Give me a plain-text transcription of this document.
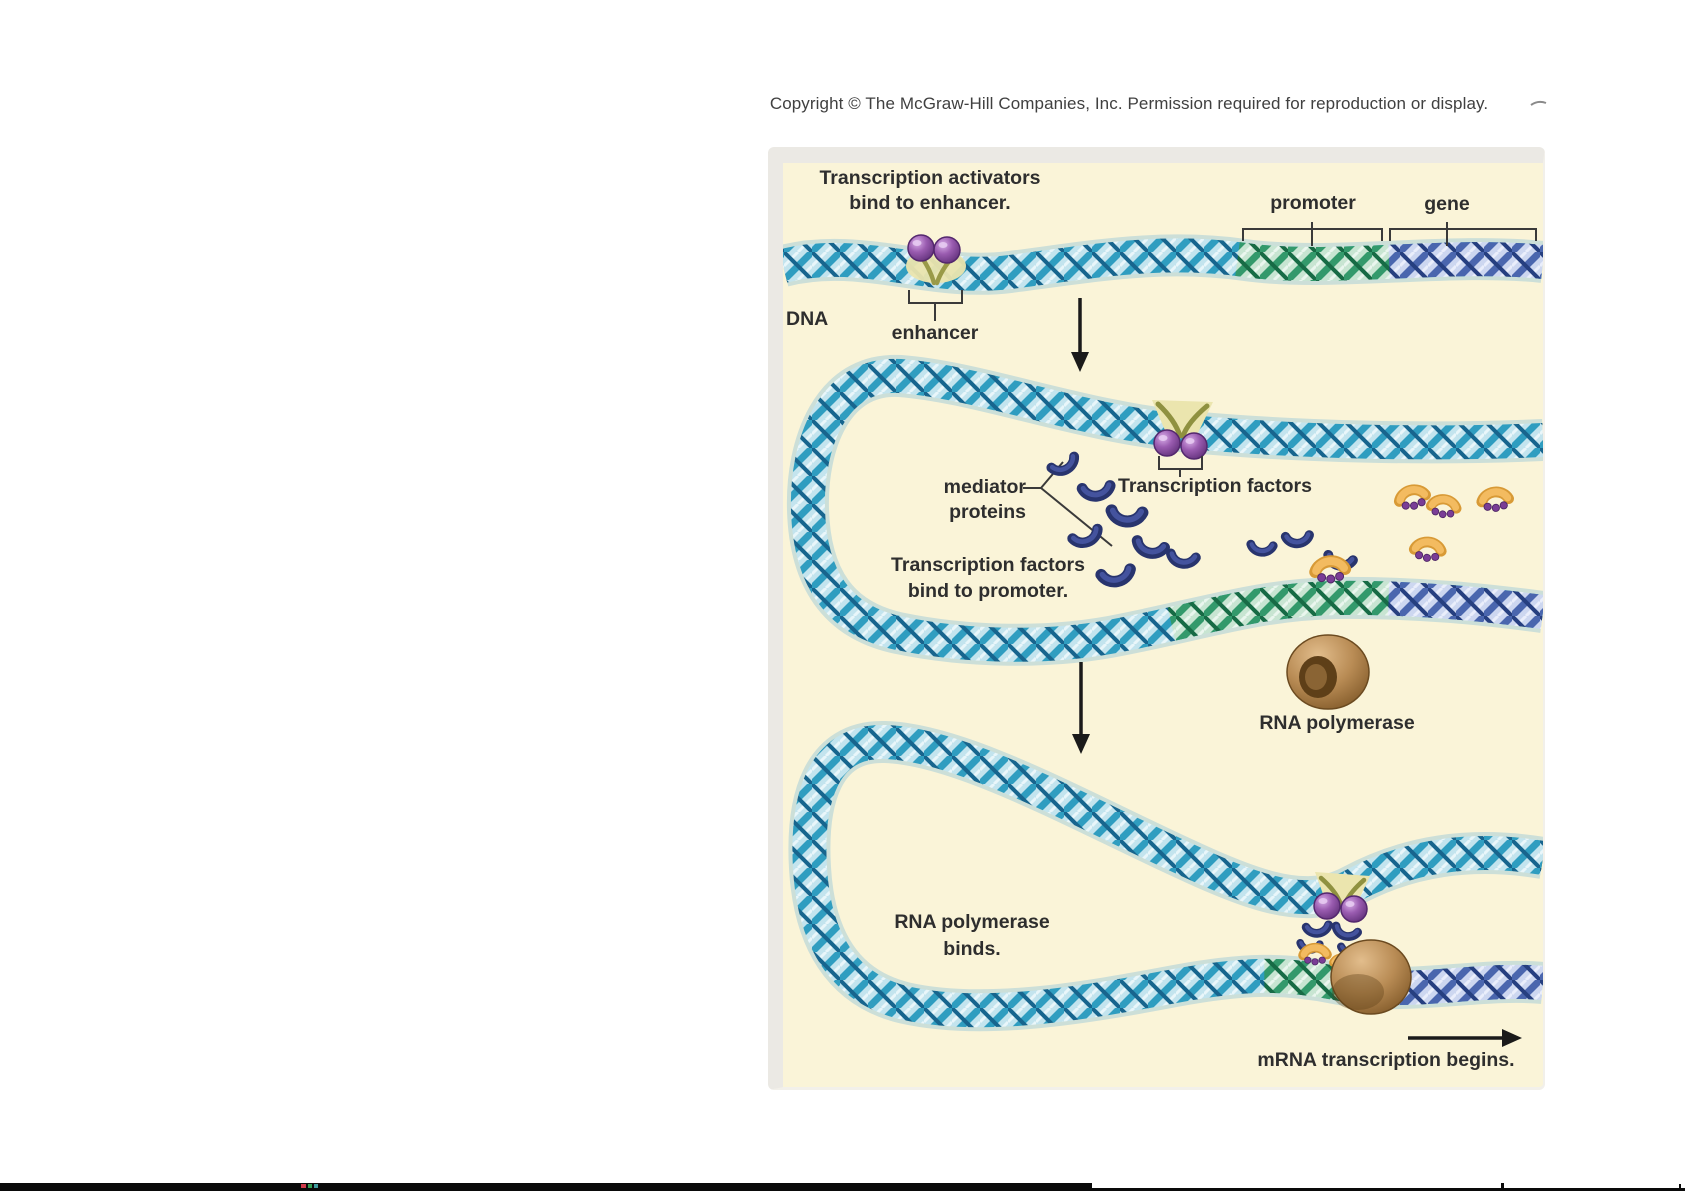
Copyright © The McGraw-Hill Companies, Inc. Permission required for reproduction or display.
Transcription activators
bind to enhancer.
DNA
enhancer
promoter	gene
mediator
proteins
Transcription factors
Transcription factors
bind to promoter.
RNA polymerase
RNA polymerase
binds.
mRNA transcription begins.
